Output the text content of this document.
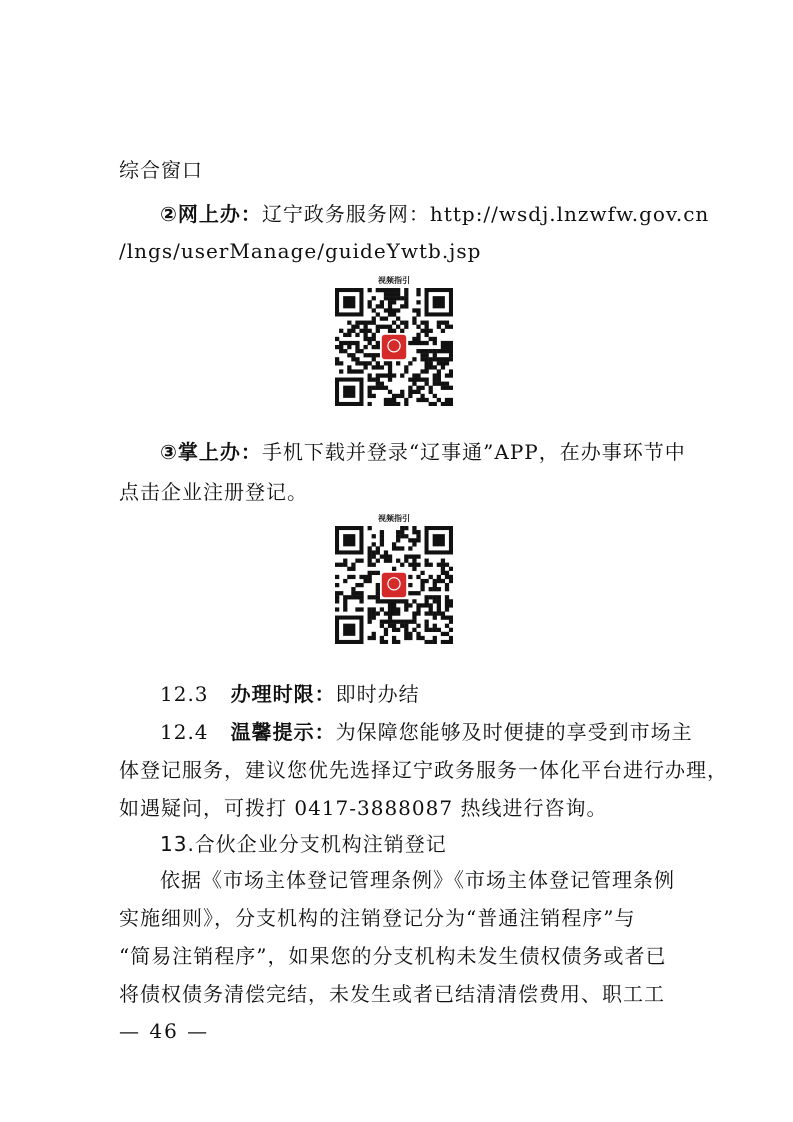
综合窗口
②网上办：辽宁政务服务网：http://wsdj.lnzwfw.gov.cn
/lngs/userManage/guideYwtb.jsp
视频指引
③掌上办：手机下载并登录“辽事通”APP，在办事环节中
点击企业注册登记。
视频指引
12.3 办理时限：即时办结
12.4 温馨提示：为保障您能够及时便捷的享受到市场主
体登记服务，建议您优先选择辽宁政务服务一体化平台进行办理，
如遇疑问，可拨打 0417-3888087 热线进行咨询。
13.合伙企业分支机构注销登记
依据《市场主体登记管理条例》《市场主体登记管理条例
实施细则》，分支机构的注销登记分为“普通注销程序”与
“简易注销程序”，如果您的分支机构未发生债权债务或者已
将债权债务清偿完结，未发生或者已结清清偿费用、职工工
— 46 —
